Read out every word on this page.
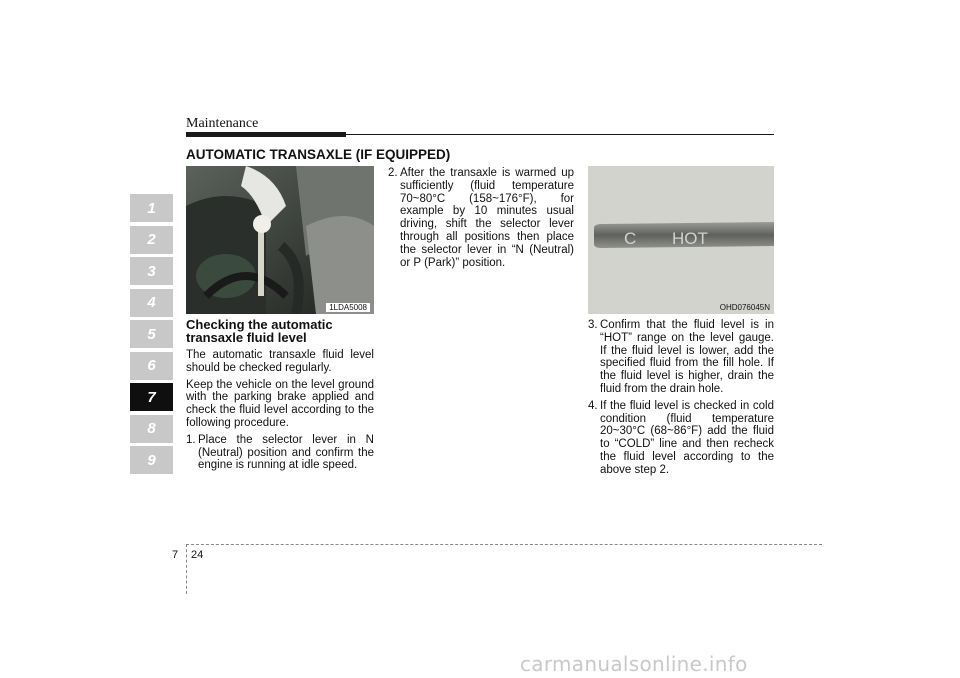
Maintenance
1
2
3
4
5
6
7
8
9
AUTOMATIC TRANSAXLE (IF EQUIPPED)
1LDA5008
C HOT
OHD076045N
Checking the automatic transaxle fluid level

The automatic transaxle fluid level should be checked regularly.

Keep the vehicle on the level ground with the parking brake applied and check the fluid level according to the following procedure.

1. Place the selector lever in N (Neutral) position and confirm the engine is running at idle speed.
2. After the transaxle is warmed up sufficiently (fluid temperature 70~80°C (158~176°F), for example by 10 minutes usual driving, shift the selector lever through all positions then place the selector lever in “N (Neutral) or P (Park)” position.
3. Confirm that the fluid level is in “HOT” range on the level gauge. If the fluid level is lower, add the specified fluid from the fill hole. If the fluid level is higher, drain the fluid from the drain hole.
4. If the fluid level is checked in cold condition (fluid temperature 20~30°C (68~86°F) add the fluid to “COLD” line and then recheck the fluid level according to the above step 2.
7 24
carmanualsonline.info
